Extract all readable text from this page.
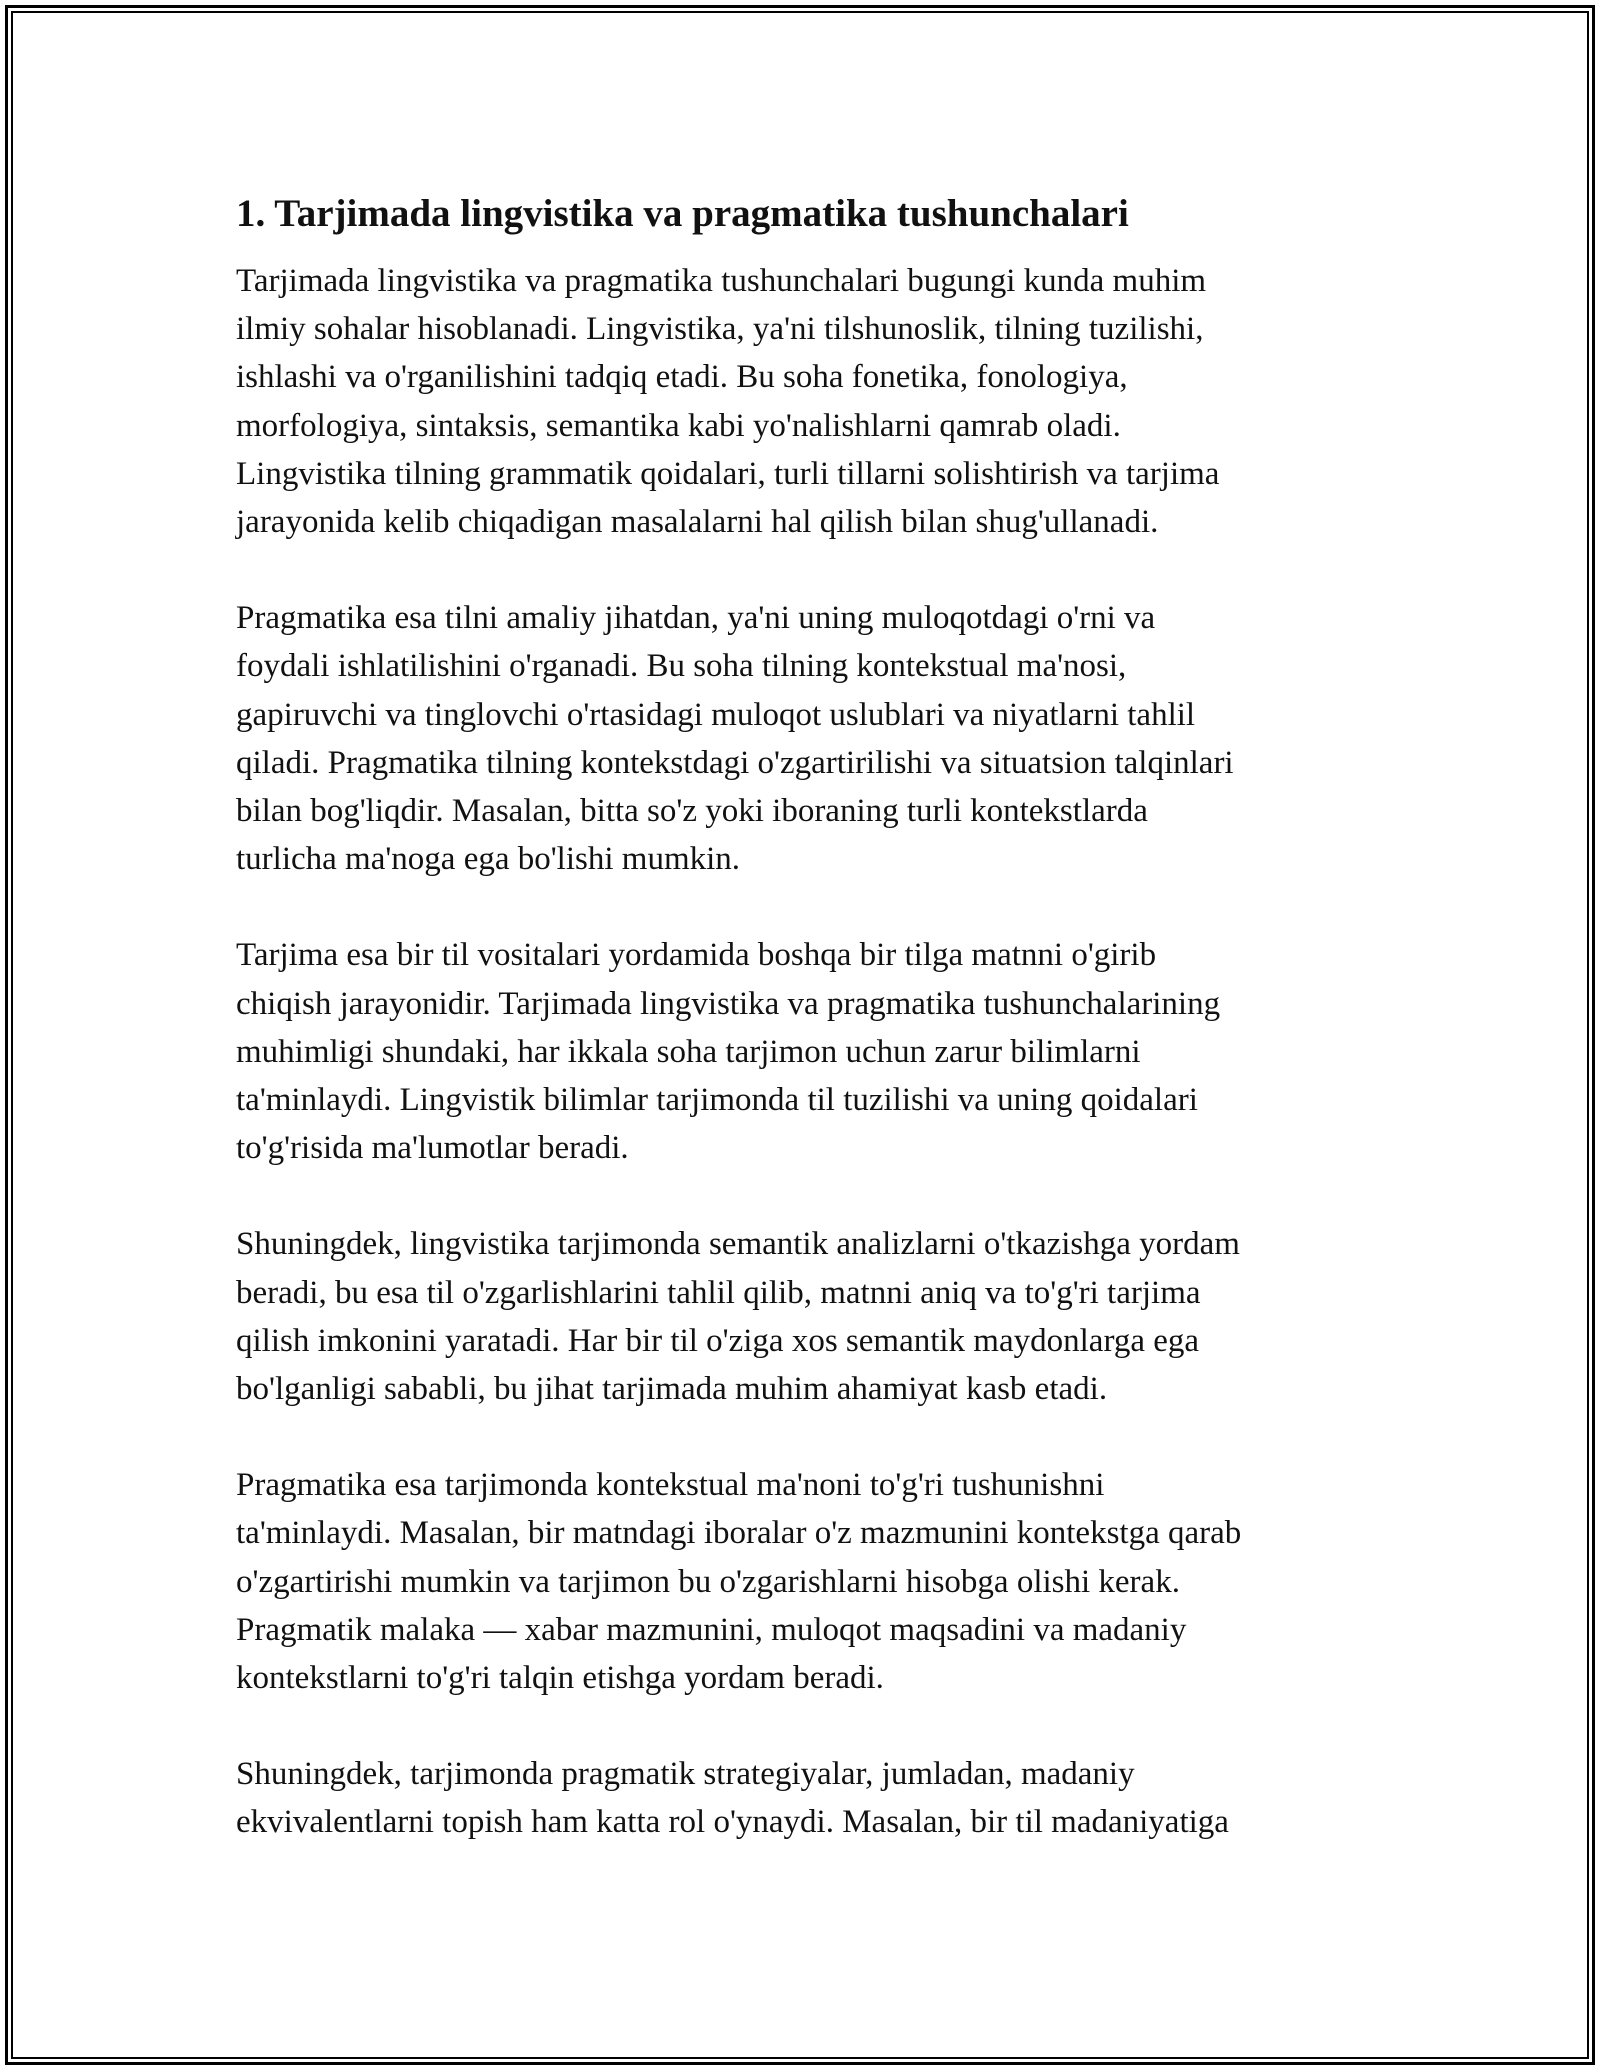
1. Tarjimada lingvistika va pragmatika tushunchalari

Tarjimada lingvistika va pragmatika tushunchalari bugungi kunda muhim
ilmiy sohalar hisoblanadi. Lingvistika, ya'ni tilshunoslik, tilning tuzilishi,
ishlashi va o'rganilishini tadqiq etadi. Bu soha fonetika, fonologiya,
morfologiya, sintaksis, semantika kabi yo'nalishlarni qamrab oladi.
Lingvistika tilning grammatik qoidalari, turli tillarni solishtirish va tarjima
jarayonida kelib chiqadigan masalalarni hal qilish bilan shug'ullanadi.

Pragmatika esa tilni amaliy jihatdan, ya'ni uning muloqotdagi o'rni va
foydali ishlatilishini o'rganadi. Bu soha tilning kontekstual ma'nosi,
gapiruvchi va tinglovchi o'rtasidagi muloqot uslublari va niyatlarni tahlil
qiladi. Pragmatika tilning kontekstdagi o'zgartirilishi va situatsion talqinlari
bilan bog'liqdir. Masalan, bitta so'z yoki iboraning turli kontekstlarda
turlicha ma'noga ega bo'lishi mumkin.

Tarjima esa bir til vositalari yordamida boshqa bir tilga matnni o'girib
chiqish jarayonidir. Tarjimada lingvistika va pragmatika tushunchalarining
muhimligi shundaki, har ikkala soha tarjimon uchun zarur bilimlarni
ta'minlaydi. Lingvistik bilimlar tarjimonda til tuzilishi va uning qoidalari
to'g'risida ma'lumotlar beradi.

Shuningdek, lingvistika tarjimonda semantik analizlarni o'tkazishga yordam
beradi, bu esa til o'zgarlishlarini tahlil qilib, matnni aniq va to'g'ri tarjima
qilish imkonini yaratadi. Har bir til o'ziga xos semantik maydonlarga ega
bo'lganligi sababli, bu jihat tarjimada muhim ahamiyat kasb etadi.

Pragmatika esa tarjimonda kontekstual ma'noni to'g'ri tushunishni
ta'minlaydi. Masalan, bir matndagi iboralar o'z mazmunini kontekstga qarab
o'zgartirishi mumkin va tarjimon bu o'zgarishlarni hisobga olishi kerak.
Pragmatik malaka — xabar mazmunini, muloqot maqsadini va madaniy
kontekstlarni to'g'ri talqin etishga yordam beradi.

Shuningdek, tarjimonda pragmatik strategiyalar, jumladan, madaniy
ekvivalentlarni topish ham katta rol o'ynaydi. Masalan, bir til madaniyatiga
